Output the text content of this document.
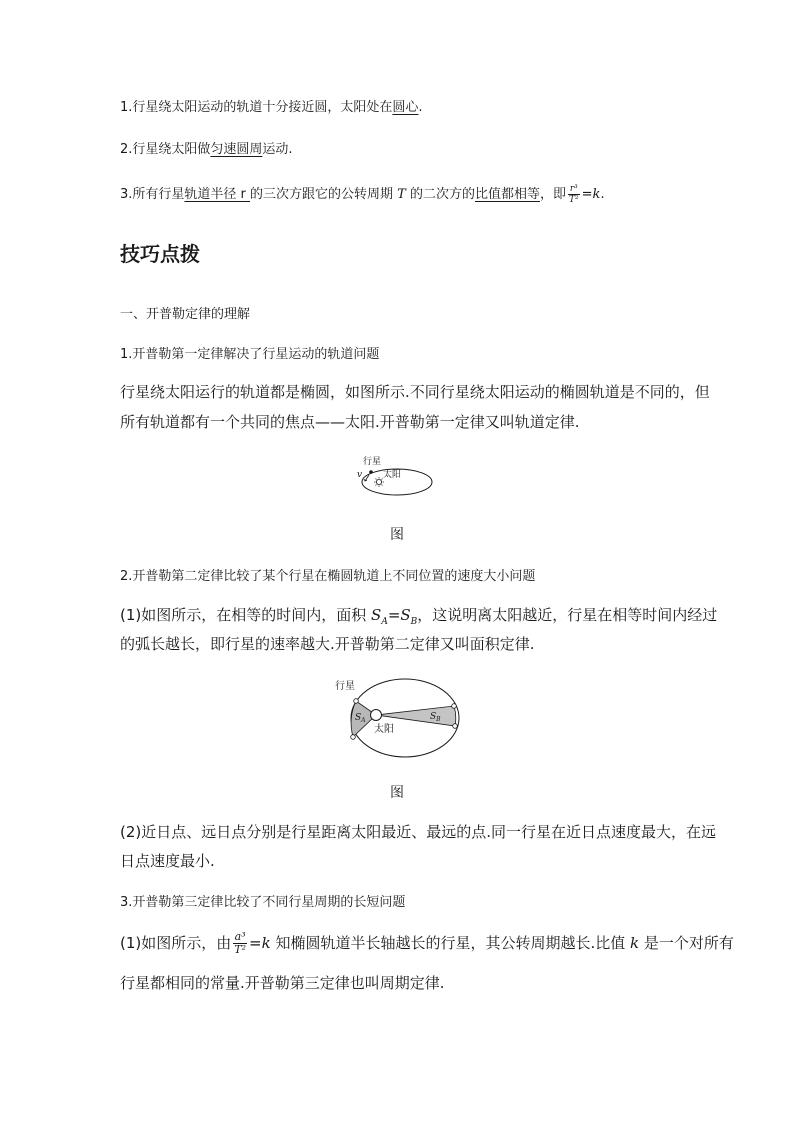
1.行星绕太阳运动的轨道十分接近圆，太阳处在圆心.
2.行星绕太阳做匀速圆周运动.
3.所有行星轨道半径 r 的三次方跟它的公转周期 T 的二次方的比值都相等，即 $\frac{\text{r³}}{\text{T²}} =k$.
技巧点拨
一、开普勒定律的理解
1.开普勒第一定律解决了行星运动的轨道问题
行星绕太阳运行的轨道都是椭圆，如图所示.不同行星绕太阳运动的椭圆轨道是不同的，但
所有轨道都有一个共同的焦点——太阳.开普勒第一定律又叫轨道定律.
行星
太阳
v
图
2.开普勒第二定律比较了某个行星在椭圆轨道上不同位置的速度大小问题
(1)如图所示，在相等的时间内，面积 $S_A=S_B$，这说明离太阳越近，行星在相等时间内经过
的弧长越长，即行星的速率越大.开普勒第二定律又叫面积定律.
行星
太阳
$S_A$	$S_B$
图
(2)近日点、远日点分别是行星距离太阳最近、最远的点.同一行星在近日点速度最大，在远
日点速度最小.
3.开普勒第三定律比较了不同行星周期的长短问题
(1)如图所示，由 $\frac{\text{a³}}{\text{T²}} =k$ 知椭圆轨道半长轴越长的行星，其公转周期越长.比值 k 是一个对所有
行星都相同的常量.开普勒第三定律也叫周期定律.
